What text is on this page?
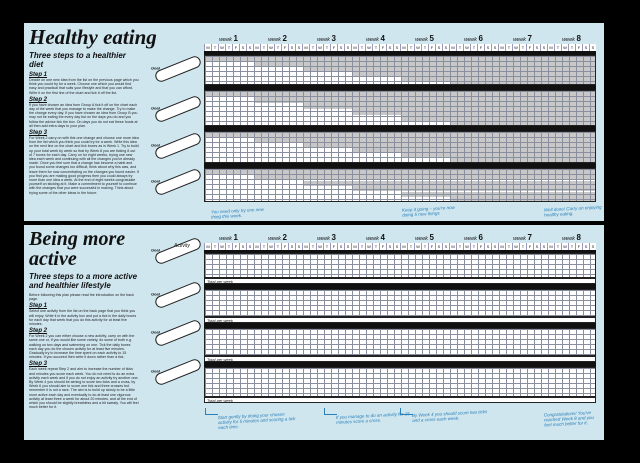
Healthy eating
Three steps to a healthier diet
Step 1
Decide on one new idea from the list on the previous page which you think you could try for a week. Choose one which you would find easy and practical that suits your lifestyle and that you can afford. Write it on the first line of the chart and tick it off the list.
Step 2
If you have chosen an idea from Group A tick it off on the chart each day of the week that you manage to make the change. Try to make the change every day. If you have chosen an idea from Group B you may not be eating the every day but on the days you do and you follow the advice tick the box. On days you do not eat these foods at all then add extra days to your plan.
Step 3
For Week 2 carry on with this one change and choose one more idea from the list which you think you could try for a week. Write this idea on the next line on the chart and tick boxes as in Week 1. Try to build up your total week by week so that by Week 8 you are ticking 8 out of 7 boxes for each day. Carry on for eight weeks, trying one new idea each week and continuing with all the changes you've already made. Once you feel sure that a change has become a habit and you found some changes too difficult, think about why this was, and leave them for now concentrating on the changes you found easier. If you find you are making good progress then you could always try more than one idea a week. At the end of eight weeks congratulate yourself on sticking at it. Make a commitment to yourself to continue with the changes that you were successful in making. Think about trying some of the other ideas in the future.
Goal
Goal
Goal
Goal
week 1	week 2	week 3	week 4	week 5	week 6	week 7	week 8
M	T W T	F	S	S	M	T W T	F	S	S	M	T W T	F	S	S	M	T W T	F	S	S	M	T W T	F	S	S	M	T W T	F	S	S	M	T W T	F	S	S	M	T W T	F	S	S
You need only try one new thing this week.
Keep it going – you're now doing 5 new things
Well done! Carry on enjoying healthy eating.
Being more active
Three steps to a more active and healthier lifestyle
Before following this plan please read the introduction on the back page.
Step 1
Select one activity from the list on the back page that you think you will enjoy. Write it in the activity box and put a tick in the daily boxes for each day that week that you do this activity for at least five minutes.
Step 2
For Week 2 you can either choose a new activity, carry on with the same one or, if you would like some variety, do some of both e.g. walking on two days and swimming on one. Tick the daily boxes each day you do the chosen activity for at least five minutes. Gradually try to increase the time spent on each activity to 15 minutes. If you succeed then write it down rather than a tick.
Step 3
Each week repeat Step 2 and aim to increase the number of ticks and minutes you score each week. You do not need to do an extra activity each week and if you do not enjoy an activity try another one. By Week 4 you should be aiming to score two ticks and a cross, by Week 6 you should aim to score one tick and three crosses but remember it is not a race. The aim is to build up slowly to be a little more active each day and eventually to do at least one vigorous activity at least three a week for about 20 minutes, and at the end of which you should be slightly breathless and a bit sweaty. You will feel much better for it.
Goal
Goal
Goal
Goal
Activity
week 1	week 2	week 3	week 4	week 5	week 6	week 7	week 8
M	T W T	F	S	S	M	T W T	F	S	S	M	T W T	F	S	S	M	T W T	F	S	S	M	T W T	F	S	S	M	T W T	F	S	S	M	T W T	F	S	S	M	T W T	F	S	S
Total per week
Total per week
Total per week
Total per week
Start gently by doing your chosen activity for 5 minutes and scoring a tick each time.
If you manage to do an activity for 15 minutes score a cross.
By Week 4 you should score two ticks and a cross each week.
Congratulations! You've reached Week 8 and you feel much better for it.
